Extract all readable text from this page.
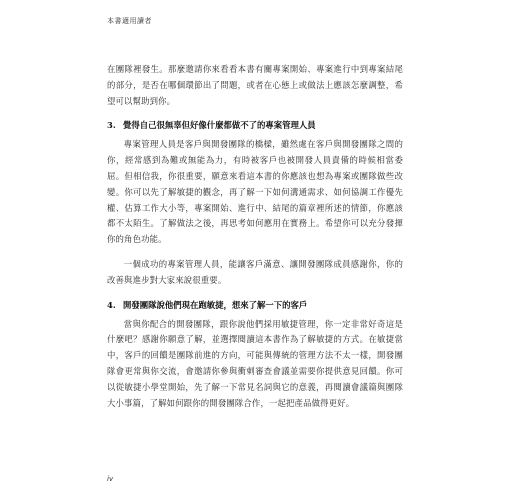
本書適用讀者

在團隊裡發生。那麼邀請你來看看本書有關專案開始、專案進行中到專案結尾的部分，是否在哪個環節出了問題，或者在心態上或做法上應該怎麼調整，希望可以幫助到你。

3. 覺得自己很無辜但好像什麼都做不了的專案管理人員

專案管理人員是客戶與開發團隊的橋樑，雖然處在客戶與開發團隊之間的你，經常感到為難或無能為力，有時被客戶也被開發人員責備的時候相當委屈。但相信我，你很重要，願意來看這本書的你應該也想為專案或團隊做些改變。你可以先了解敏捷的觀念，再了解一下如何溝通需求、如何協調工作優先權、估算工作大小等，專案開始、進行中、結尾的篇章裡所述的情節，你應該都不太陌生。了解做法之後，再思考如何應用在實務上。希望你可以充分發揮你的角色功能。

一個成功的專案管理人員，能讓客戶滿意、讓開發團隊成員感謝你，你的改善與進步對大家來說很重要。

4. 開發團隊說他們現在跑敏捷，想來了解一下的客戶

當與你配合的開發團隊，跟你說他們採用敏捷管理，你一定非常好奇這是什麼吧？感謝你願意了解，並選擇閱讀這本書作為了解敏捷的方式。在敏捷當中，客戶的回饋是團隊前進的方向，可能與傳統的管理方法不太一樣，開發團隊會更常與你交流，會邀請你參與衝刺審查會議並需要你提供意見回饋。你可以從敏捷小學堂開始，先了解一下常見名詞與它的意義，再閱讀會議篇與團隊大小事篇，了解如何跟你的開發團隊合作，一起把產品做得更好。

iv
